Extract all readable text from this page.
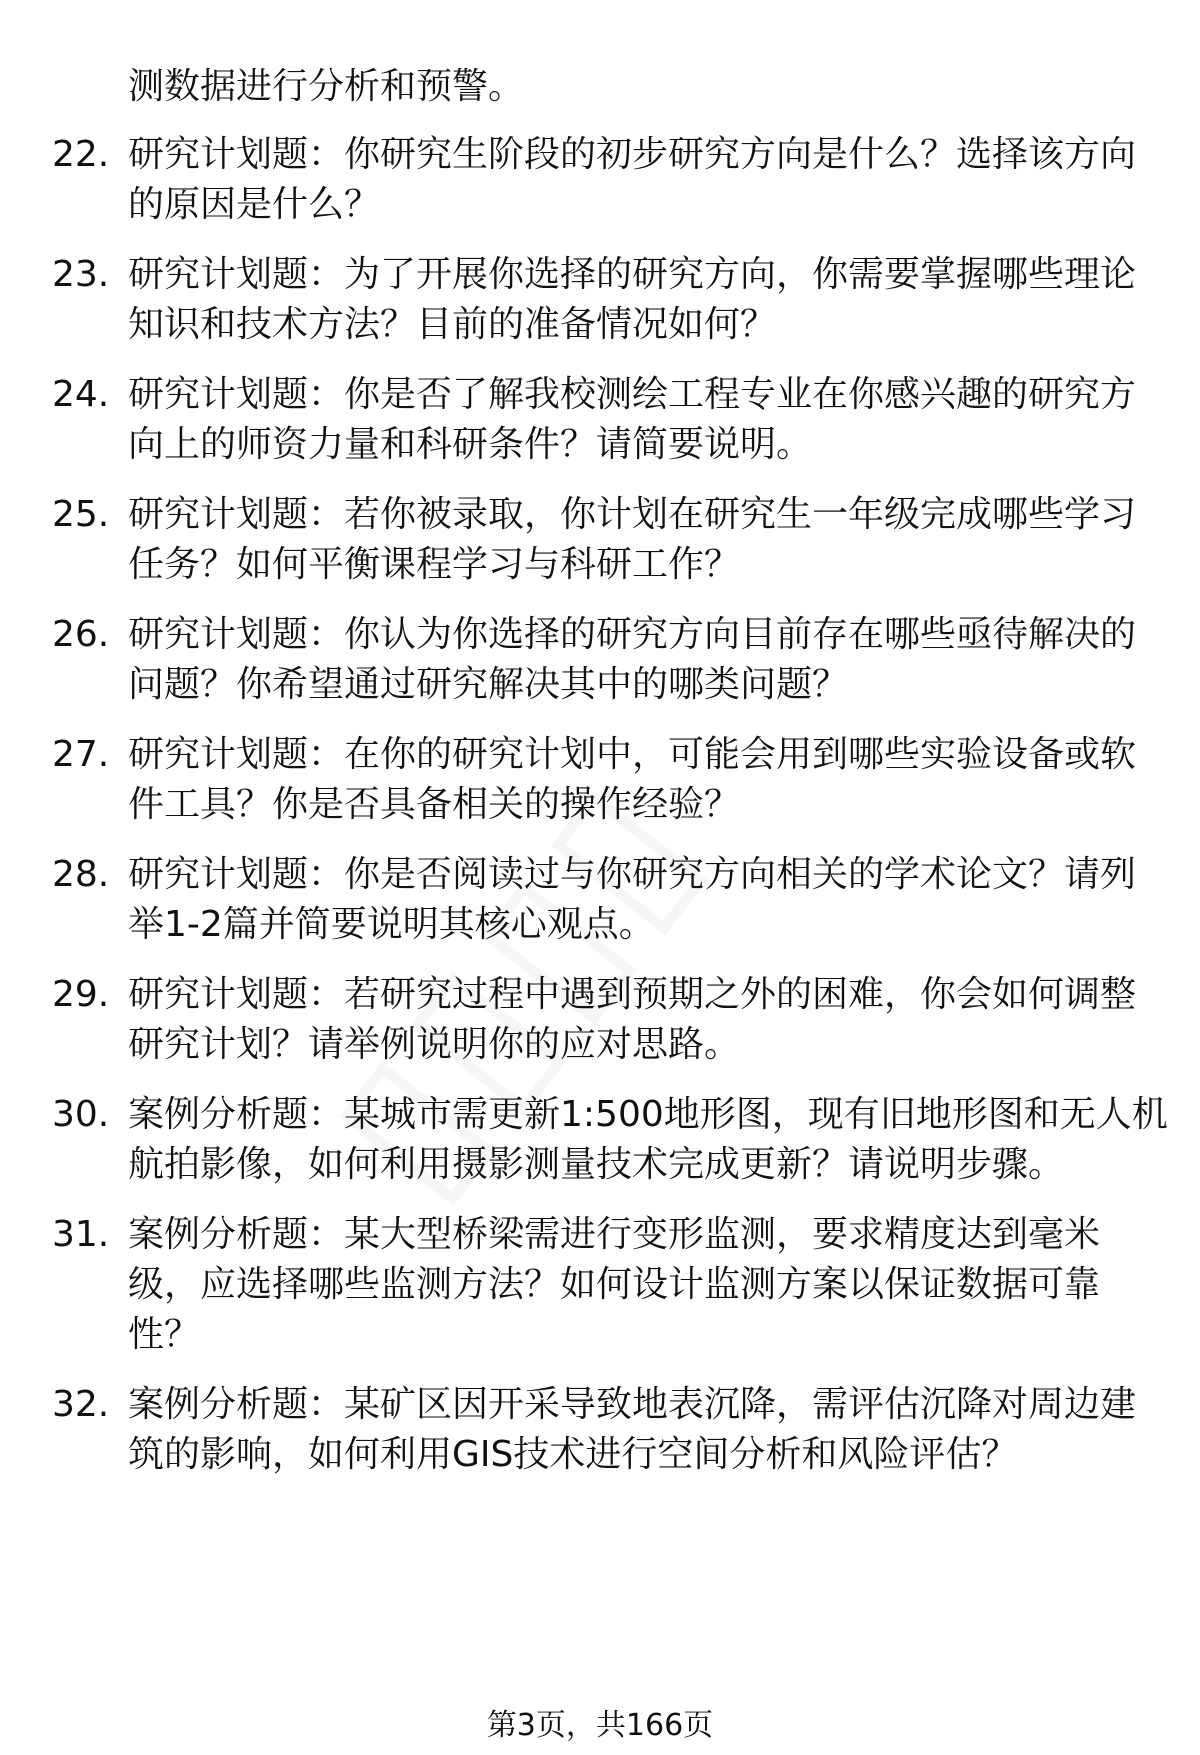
测数据进行分析和预警。
22. 研究计划题：你研究生阶段的初步研究方向是什么？选择该方向
的原因是什么？
23. 研究计划题：为了开展你选择的研究方向，你需要掌握哪些理论
知识和技术方法？目前的准备情况如何？
24. 研究计划题：你是否了解我校测绘工程专业在你感兴趣的研究方
向上的师资力量和科研条件？请简要说明。
25. 研究计划题：若你被录取，你计划在研究生一年级完成哪些学习
任务？如何平衡课程学习与科研工作？
26. 研究计划题：你认为你选择的研究方向目前存在哪些亟待解决的
问题？你希望通过研究解决其中的哪类问题？
27. 研究计划题：在你的研究计划中，可能会用到哪些实验设备或软
件工具？你是否具备相关的操作经验？
28. 研究计划题：你是否阅读过与你研究方向相关的学术论文？请列
举1-2篇并简要说明其核心观点。
29. 研究计划题：若研究过程中遇到预期之外的困难，你会如何调整
研究计划？请举例说明你的应对思路。
30. 案例分析题：某城市需更新1:500地形图，现有旧地形图和无人机
航拍影像，如何利用摄影测量技术完成更新？请说明步骤。
31. 案例分析题：某大型桥梁需进行变形监测，要求精度达到毫米
级，应选择哪些监测方法？如何设计监测方案以保证数据可靠
性？
32. 案例分析题：某矿区因开采导致地表沉降，需评估沉降对周边建
筑的影响，如何利用GIS技术进行空间分析和风险评估？
第3页，共166页
